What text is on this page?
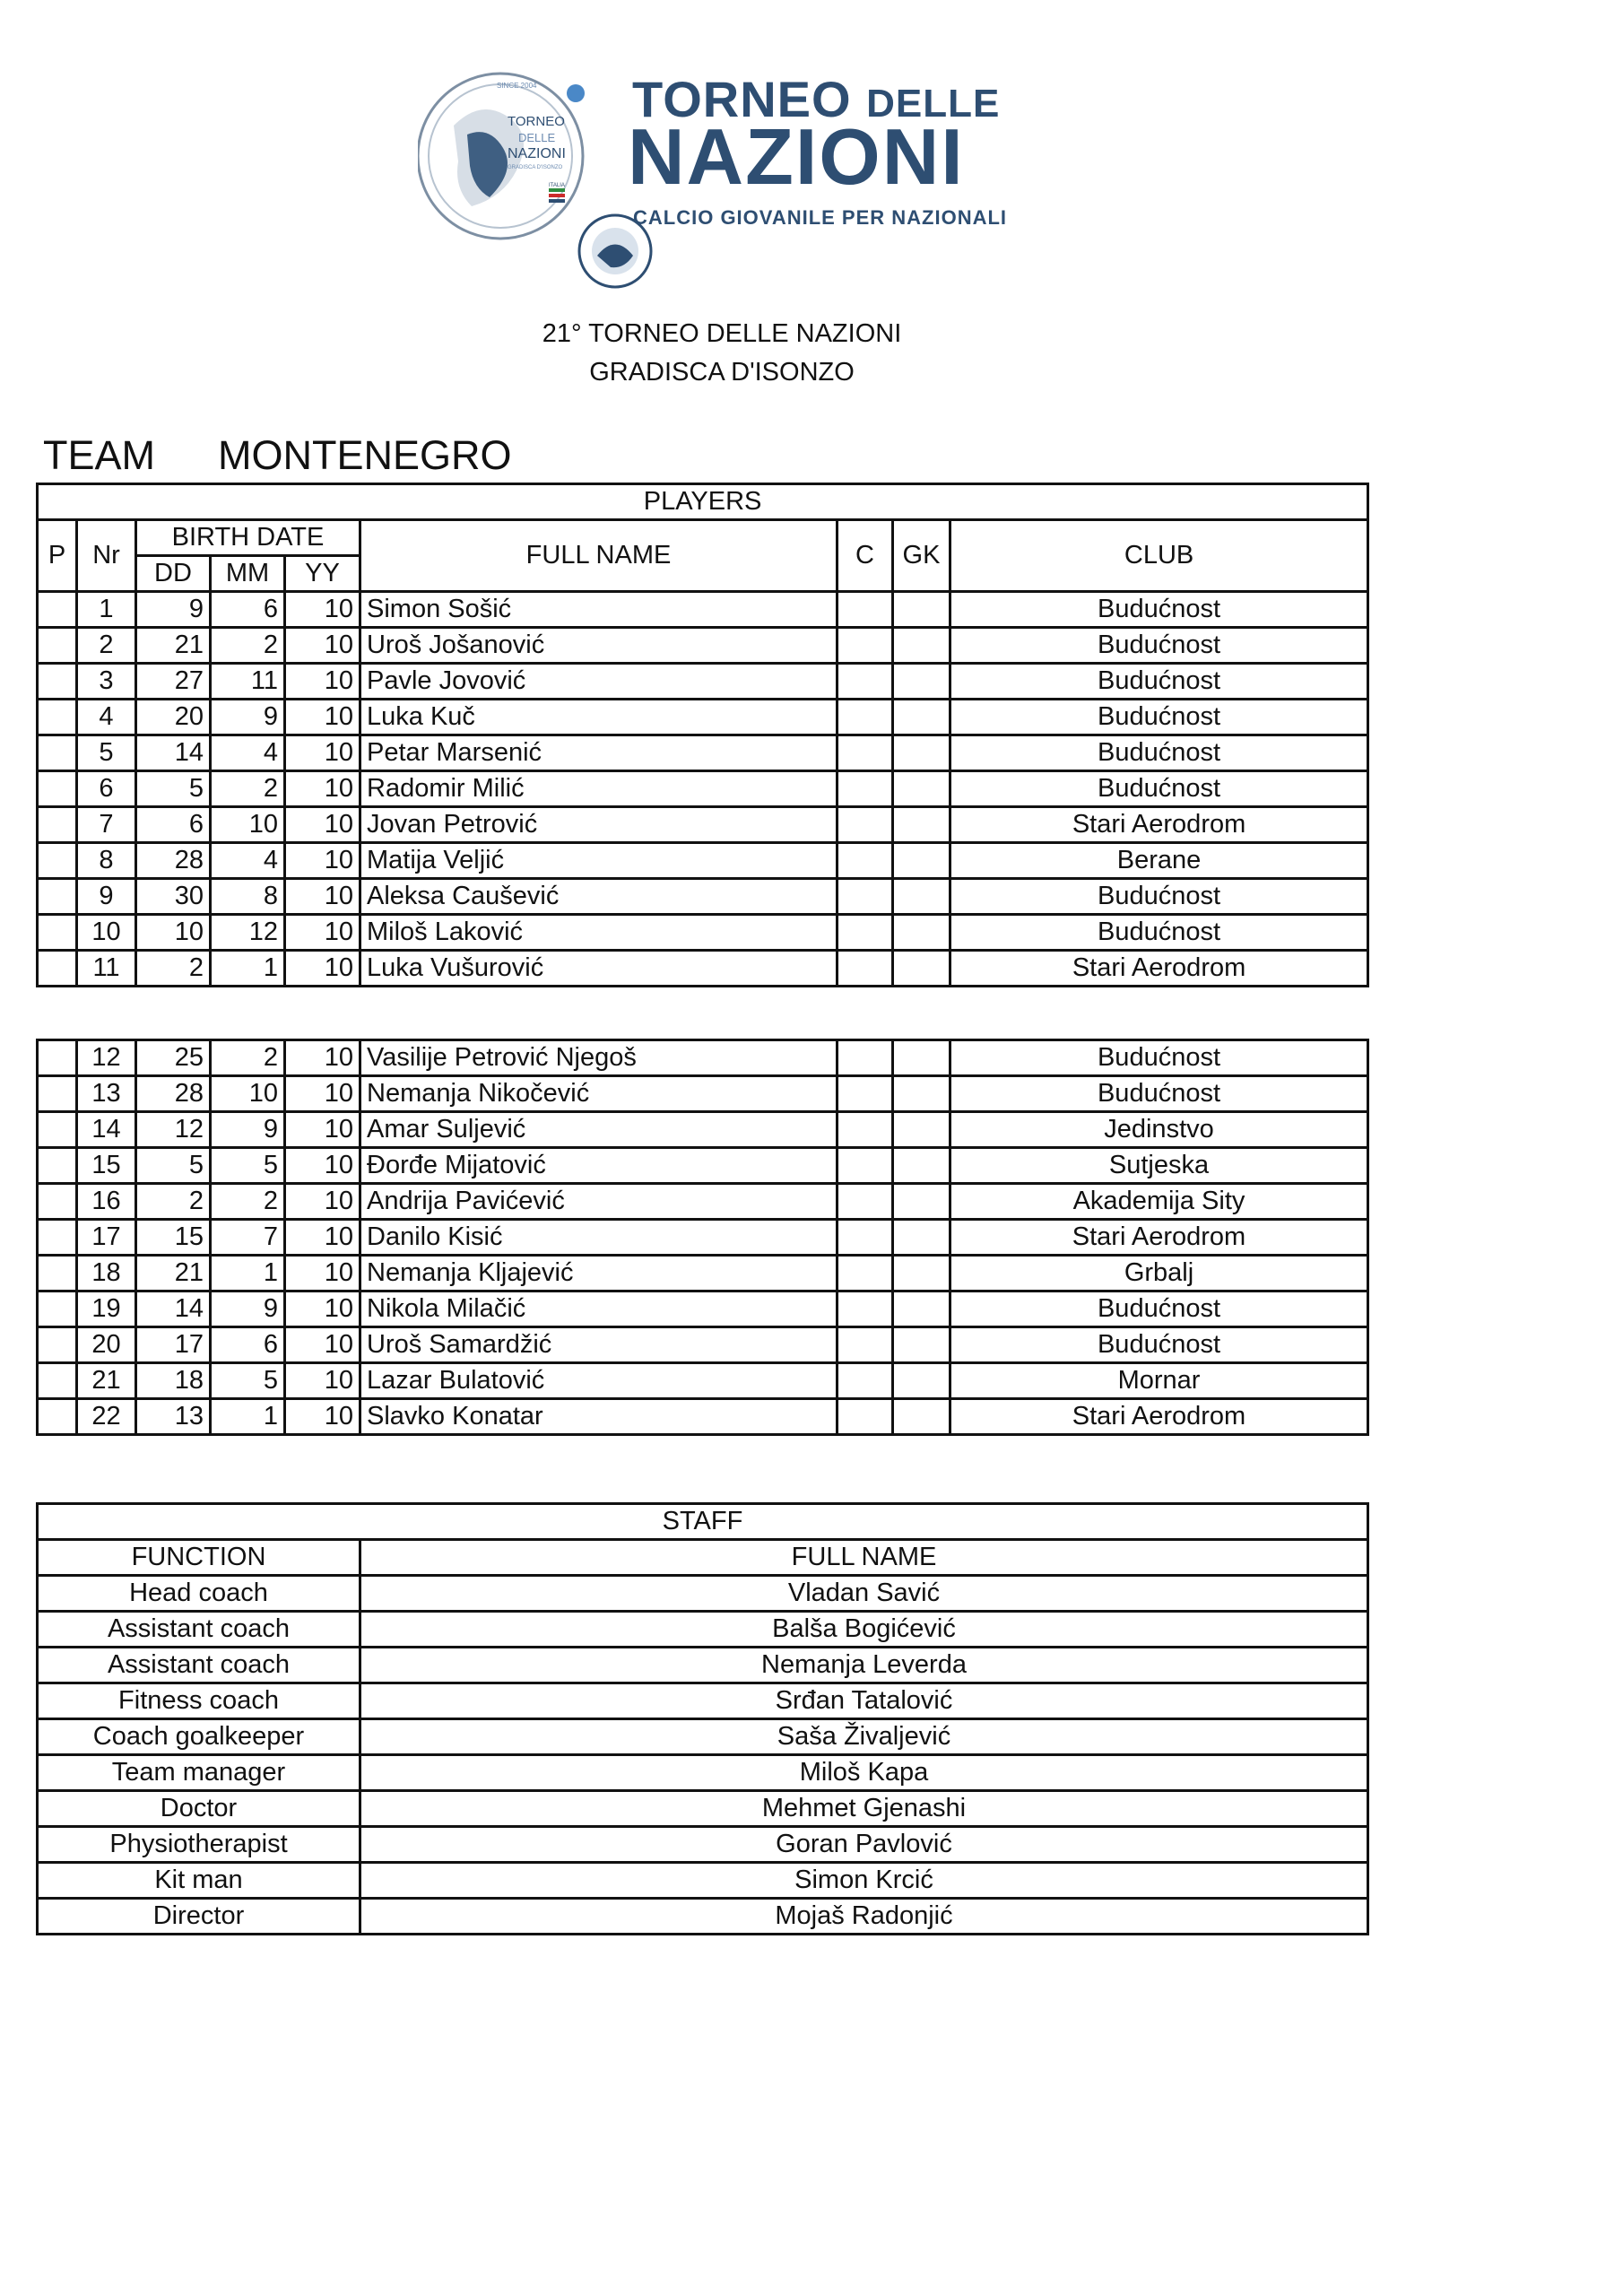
TORNEO
DELLE
NAZIONI
SINCE 2004
GRADISCA D'ISONZO
ITALIA
TORNEO DELLE
NAZIONI
CALCIO GIOVANILE PER NAZIONALI
21° TORNEO DELLE NAZIONI
GRADISCA D'ISONZO
TEAM MONTENEGRO
PLAYERS								
P	Nr	BIRTH DATE			FULL NAME	C	GK	CLUB
		DD	MM	YY				
	1	9	6	10	Simon Sošić			Budućnost
	2	21	2	10	Uroš Jošanović			Budućnost
	3	27	11	10	Pavle Jovović			Budućnost
	4	20	9	10	Luka Kuč			Budućnost
	5	14	4	10	Petar Marsenić			Budućnost
	6	5	2	10	Radomir Milić			Budućnost
	7	6	10	10	Jovan Petrović			Stari Aerodrom
	8	28	4	10	Matija Veljić			Berane
	9	30	8	10	Aleksa Caušević			Budućnost
	10	10	12	10	Miloš Laković			Budućnost
	11	2	1	10	Luka Vušurović			Stari Aerodrom
	12	25	2	10	Vasilije Petrović Njegoš			Budućnost
	13	28	10	10	Nemanja Nikočević			Budućnost
	14	12	9	10	Amar Suljević			Jedinstvo
	15	5	5	10	Đorđe Mijatović			Sutjeska
	16	2	2	10	Andrija Pavićević			Akademija Sity
	17	15	7	10	Danilo Kisić			Stari Aerodrom
	18	21	1	10	Nemanja Kljajević			Grbalj
	19	14	9	10	Nikola Milačić			Budućnost
	20	17	6	10	Uroš Samardžić			Budućnost
	21	18	5	10	Lazar Bulatović			Mornar
	22	13	1	10	Slavko Konatar			Stari Aerodrom
STAFF	
FUNCTION	FULL NAME
Head coach	Vladan Savić
Assistant coach	Balša Bogićević
Assistant coach	Nemanja Leverda
Fitness coach	Srđan Tatalović
Coach goalkeeper	Saša Živaljević
Team manager	Miloš Kapa
Doctor	Mehmet Gjenashi
Physiotherapist	Goran Pavlović
Kit man	Simon Krcić
Director	Mojaš Radonjić
